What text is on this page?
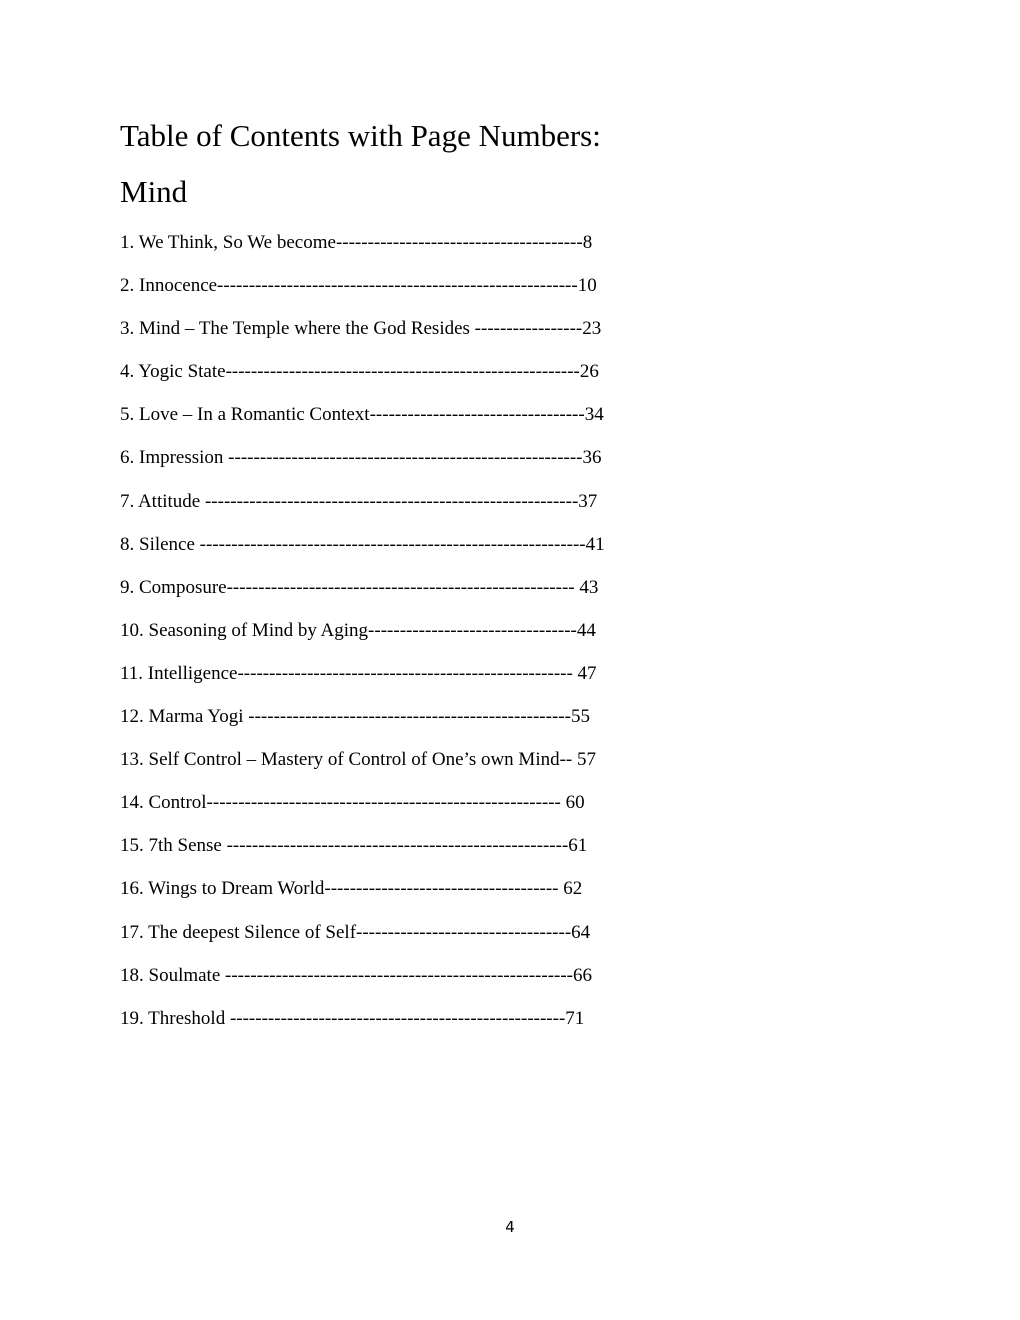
Table of Contents with Page Numbers:
Mind
1. We Think, So We become---------------------------------------8
2. Innocence---------------------------------------------------------10
3. Mind – The Temple where the God Resides -----------------23
4. Yogic State--------------------------------------------------------26
5. Love – In a Romantic Context----------------------------------34
6. Impression --------------------------------------------------------36
7. Attitude -----------------------------------------------------------37
8. Silence -------------------------------------------------------------41
9. Composure------------------------------------------------------- 43
10. Seasoning of Mind by Aging---------------------------------44
11. Intelligence----------------------------------------------------- 47
12. Marma Yogi ---------------------------------------------------55
13. Self Control – Mastery of Control of One’s own Mind-- 57
14. Control-------------------------------------------------------- 60
15. 7th Sense ------------------------------------------------------61
16. Wings to Dream World------------------------------------- 62
17. The deepest Silence of Self----------------------------------64
18. Soulmate -------------------------------------------------------66
19. Threshold -----------------------------------------------------71
4
